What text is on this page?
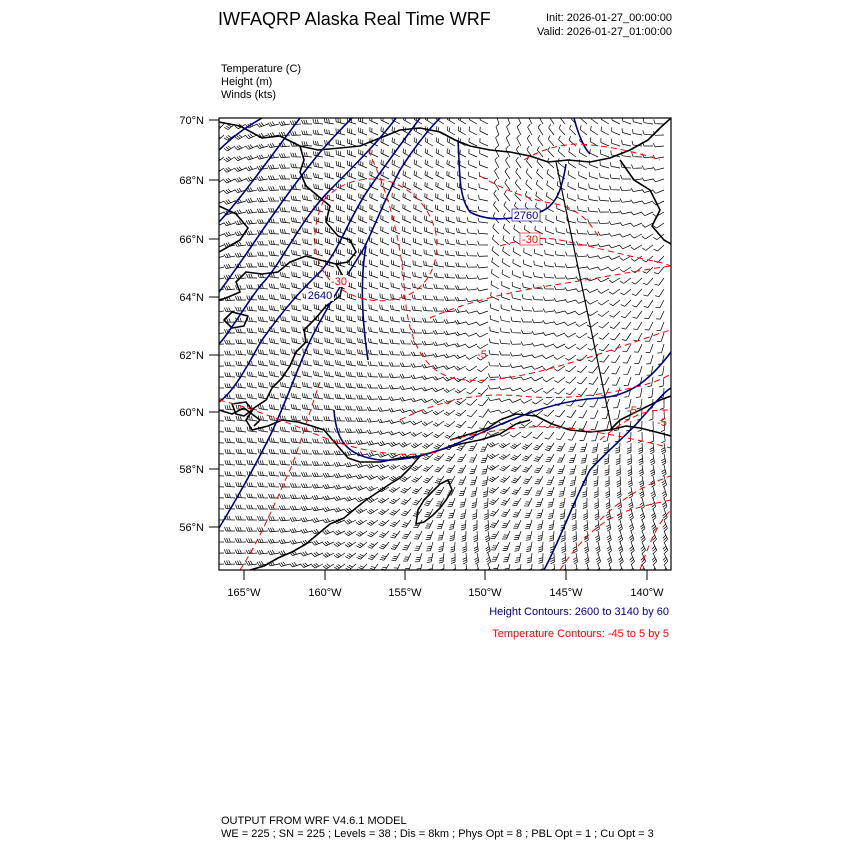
IWFAQRP Alaska Real Time WRF	Init: 2026-01-27_00:00:00
Valid: 2026-01-27_01:00:00
Temperature (C)
Height (m)
Winds (kts)
2760
2640
-30
-30
-5
-5
-5
70°N
68°N
66°N
64°N
62°N
60°N
58°N
56°N
165°W	160°W	155°W	150°W	145°W	140°W
Height Contours: 2600 to 3140 by 60
Temperature Contours: -45 to 5 by 5
OUTPUT FROM WRF V4.6.1 MODEL
WE = 225 ; SN = 225 ; Levels = 38 ; Dis = 8km ; Phys Opt = 8 ; PBL Opt = 1 ; Cu Opt = 3
